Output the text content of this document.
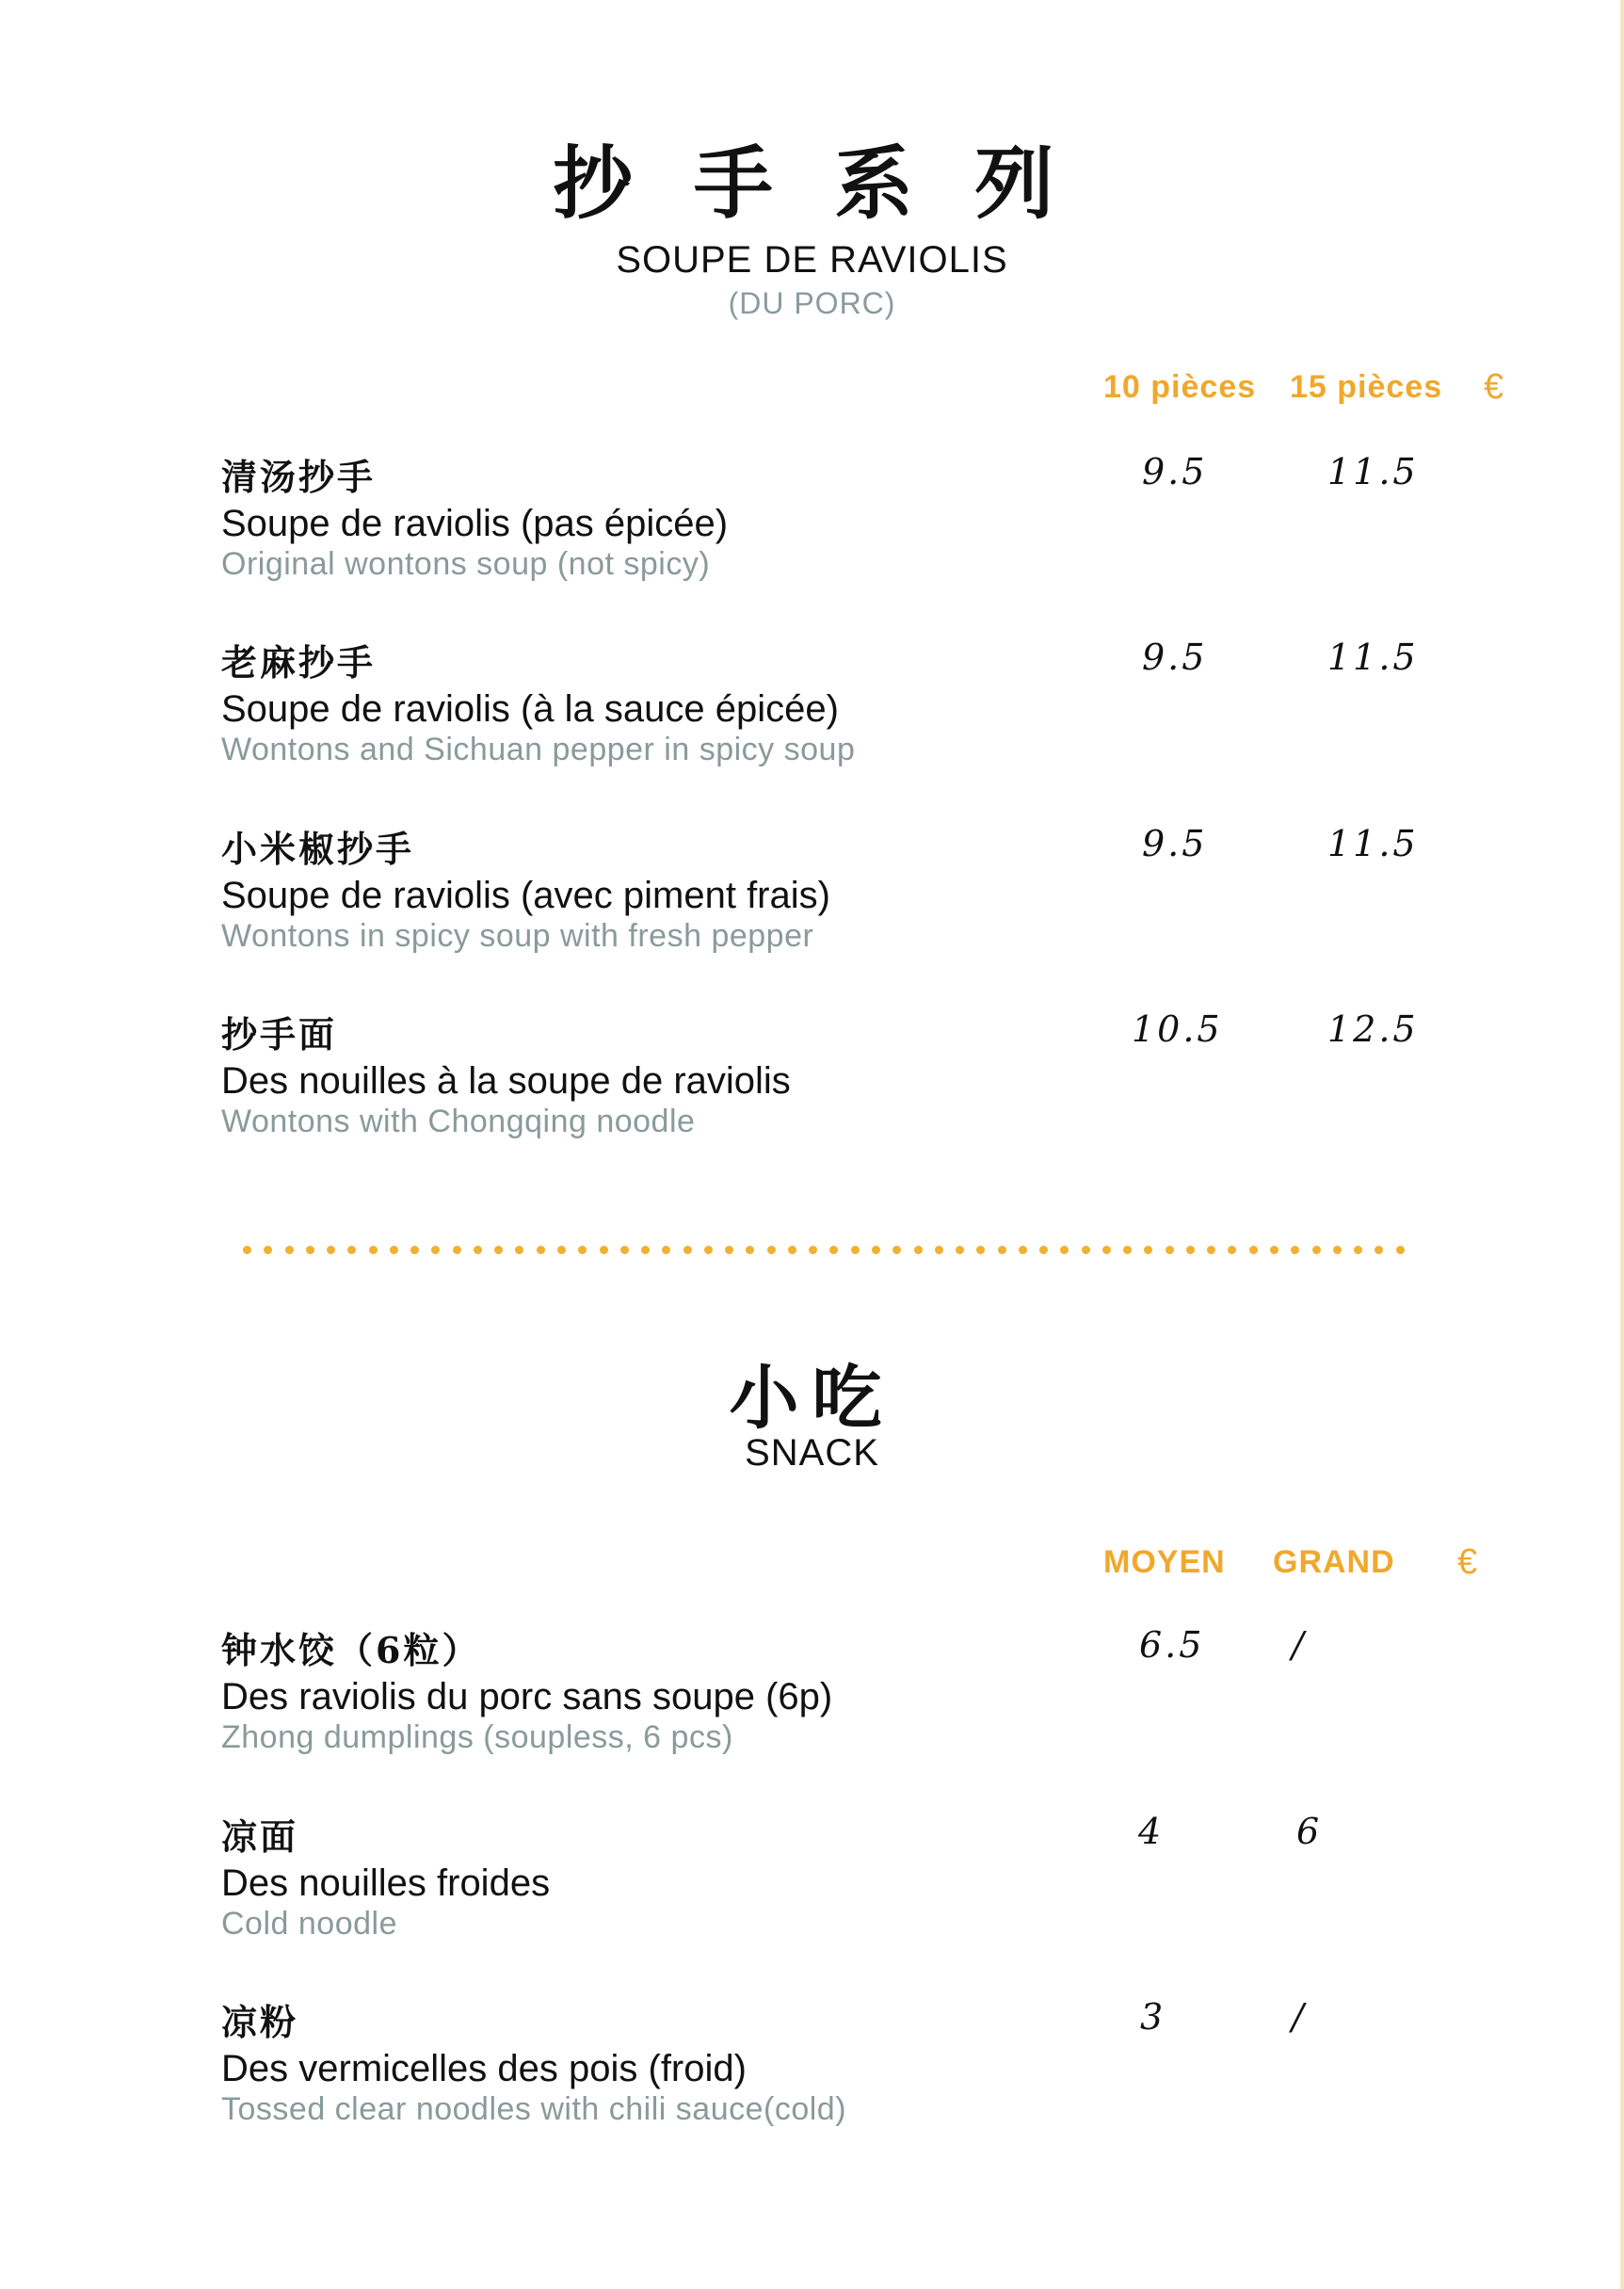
抄 手 系 列
SOUPE DE RAVIOLIS
(DU PORC)
10 pièces 15 pièces €
清汤抄手
Soupe de raviolis (pas épicée)
Original wontons soup (not spicy)
9.5	11.5
老麻抄手
Soupe de raviolis (à la sauce épicée)
Wontons and Sichuan pepper in spicy soup
9.5	11.5
小米椒抄手
Soupe de raviolis (avec piment frais)
Wontons in spicy soup with fresh pepper
9.5	11.5
抄手面
Des nouilles à la soupe de raviolis
Wontons with Chongqing noodle
10.5	12.5
小吃
SNACK
MOYEN GRAND €
钟水饺（6粒）
Des raviolis du porc sans soupe (6p)
Zhong dumplings (soupless, 6 pcs)
6.5 /
凉面
Des nouilles froides
Cold noodle
4	6
凉粉
Des vermicelles des pois (froid)
Tossed clear noodles with chili sauce(cold)
3	/
